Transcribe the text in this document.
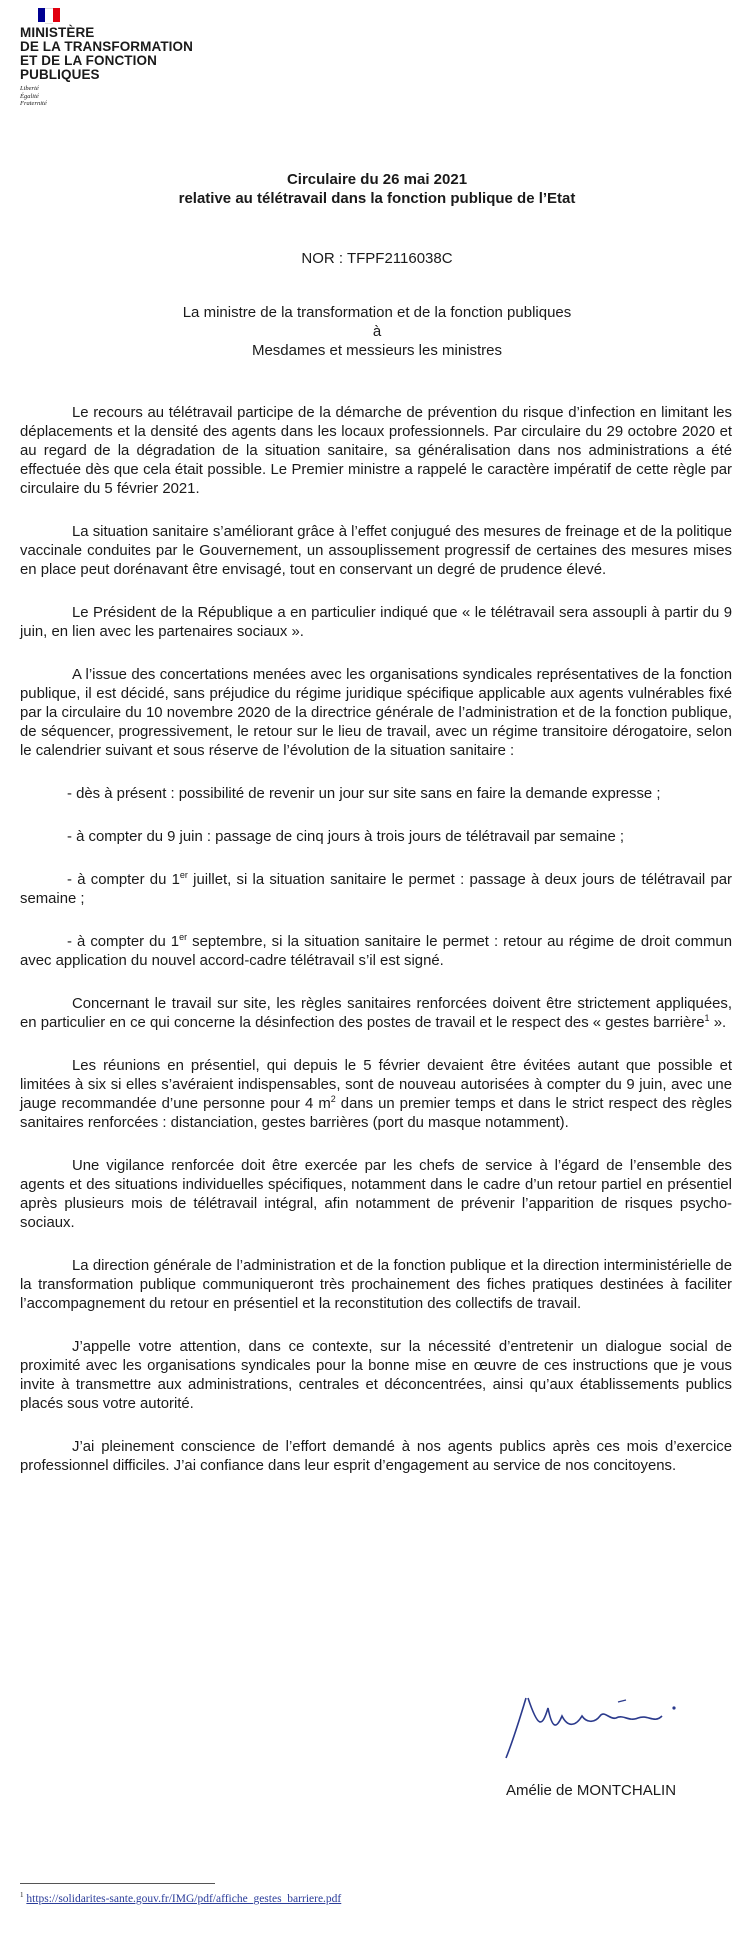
MINISTÈRE
DE LA TRANSFORMATION
ET DE LA FONCTION
PUBLIQUES
Liberté
Égalité
Fraternité
Circulaire du 26 mai 2021
relative au télétravail dans la fonction publique de l’Etat
NOR : TFPF2116038C
La ministre de la transformation et de la fonction publiques
à
Mesdames et messieurs les ministres

Le recours au télétravail participe de la démarche de prévention du risque d’infection en limitant les déplacements et la densité des agents dans les locaux professionnels. Par circulaire du 29 octobre 2020 et au regard de la dégradation de la situation sanitaire, sa généralisation dans nos administrations a été effectuée dès que cela était possible. Le Premier ministre a rappelé le caractère impératif de cette règle par circulaire du 5 février 2021.

La situation sanitaire s’améliorant grâce à l’effet conjugué des mesures de freinage et de la politique vaccinale conduites par le Gouvernement, un assouplissement progressif de certaines des mesures mises en place peut dorénavant être envisagé, tout en conservant un degré de prudence élevé.

Le Président de la République a en particulier indiqué que « le télétravail sera assoupli à partir du 9 juin, en lien avec les partenaires sociaux ».

A l’issue des concertations menées avec les organisations syndicales représentatives de la fonction publique, il est décidé, sans préjudice du régime juridique spécifique applicable aux agents vulnérables fixé par la circulaire du 10 novembre 2020 de la directrice générale de l’administration et de la fonction publique, de séquencer, progressivement, le retour sur le lieu de travail, avec un régime transitoire dérogatoire, selon le calendrier suivant et sous réserve de l’évolution de la situation sanitaire :

- dès à présent : possibilité de revenir un jour sur site sans en faire la demande expresse ;

- à compter du 9 juin : passage de cinq jours à trois jours de télétravail par semaine ;

- à compter du 1er juillet, si la situation sanitaire le permet : passage à deux jours de télétravail par semaine ;

- à compter du 1er septembre, si la situation sanitaire le permet : retour au régime de droit commun avec application du nouvel accord-cadre télétravail s’il est signé.

Concernant le travail sur site, les règles sanitaires renforcées doivent être strictement appliquées, en particulier en ce qui concerne la désinfection des postes de travail et le respect des « gestes barrière$^1$ ».

Les réunions en présentiel, qui depuis le 5 février devaient être évitées autant que possible et limitées à six si elles s’avéraient indispensables, sont de nouveau autorisées à compter du 9 juin, avec une jauge recommandée d’une personne pour 4 $m^2$ dans un premier temps et dans le strict respect des règles sanitaires renforcées : distanciation, gestes barrières (port du masque notamment).

Une vigilance renforcée doit être exercée par les chefs de service à l’égard de l’ensemble des agents et des situations individuelles spécifiques, notamment dans le cadre d’un retour partiel en présentiel après plusieurs mois de télétravail intégral, afin notamment de prévenir l’apparition de risques psycho-sociaux.

La direction générale de l’administration et de la fonction publique et la direction interministérielle de la transformation publique communiqueront très prochainement des fiches pratiques destinées à faciliter l’accompagnement du retour en présentiel et la reconstitution des collectifs de travail.

J’appelle votre attention, dans ce contexte, sur la nécessité d’entretenir un dialogue social de proximité avec les organisations syndicales pour la bonne mise en œuvre de ces instructions que je vous invite à transmettre aux administrations, centrales et déconcentrées, ainsi qu’aux établissements publics placés sous votre autorité.

J’ai pleinement conscience de l’effort demandé à nos agents publics après ces mois d’exercice professionnel difficiles. J’ai confiance dans leur esprit d’engagement au service de nos concitoyens.

Amélie de MONTCHALIN
$^1$ https://solidarites-sante.gouv.fr/IMG/pdf/affiche_gestes_barriere.pdf
